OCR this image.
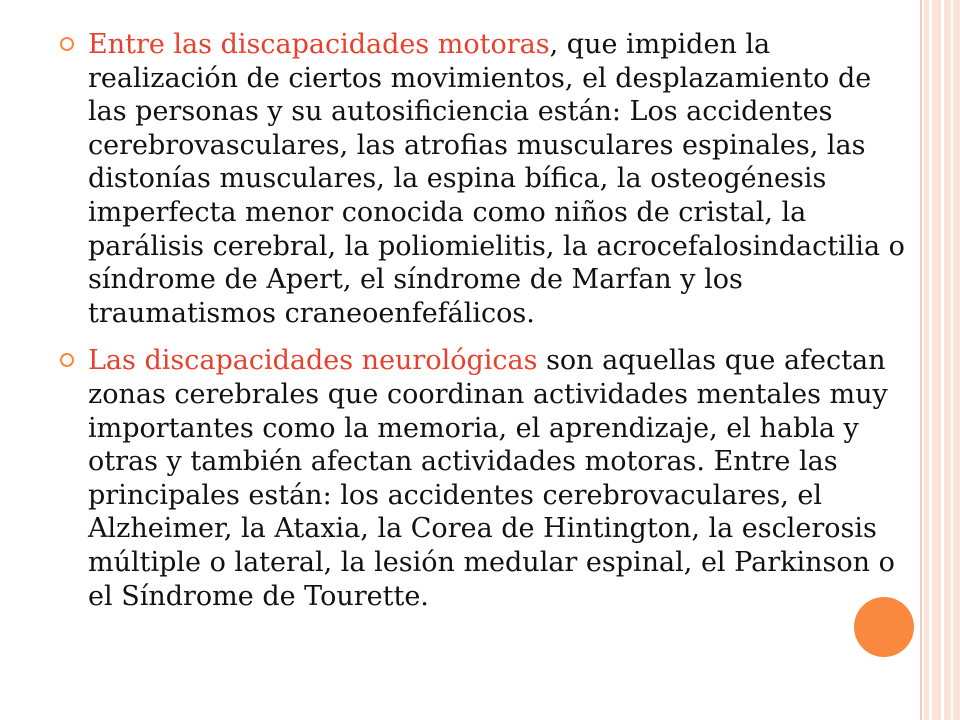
Entre las discapacidades motoras, que impiden la realización de ciertos movimientos, el desplazamiento de las personas y su autosificiencia están: Los accidentes cerebrovasculares, las atrofias musculares espinales, las distonías musculares, la espina bífica, la osteogénesis imperfecta menor conocida como niños de cristal, la parálisis cerebral, la poliomielitis, la acrocefalosindactilia o síndrome de Apert, el síndrome de Marfan y los traumatismos craneoenfefálicos.
Las discapacidades neurológicas son aquellas que afectan zonas cerebrales que coordinan actividades mentales muy importantes como la memoria, el aprendizaje, el habla y otras y también afectan actividades motoras. Entre las principales están: los accidentes cerebrovaculares, el Alzheimer, la Ataxia, la Corea de Hintington, la esclerosis múltiple o lateral, la lesión medular espinal, el Parkinson o el Síndrome de Tourette.
